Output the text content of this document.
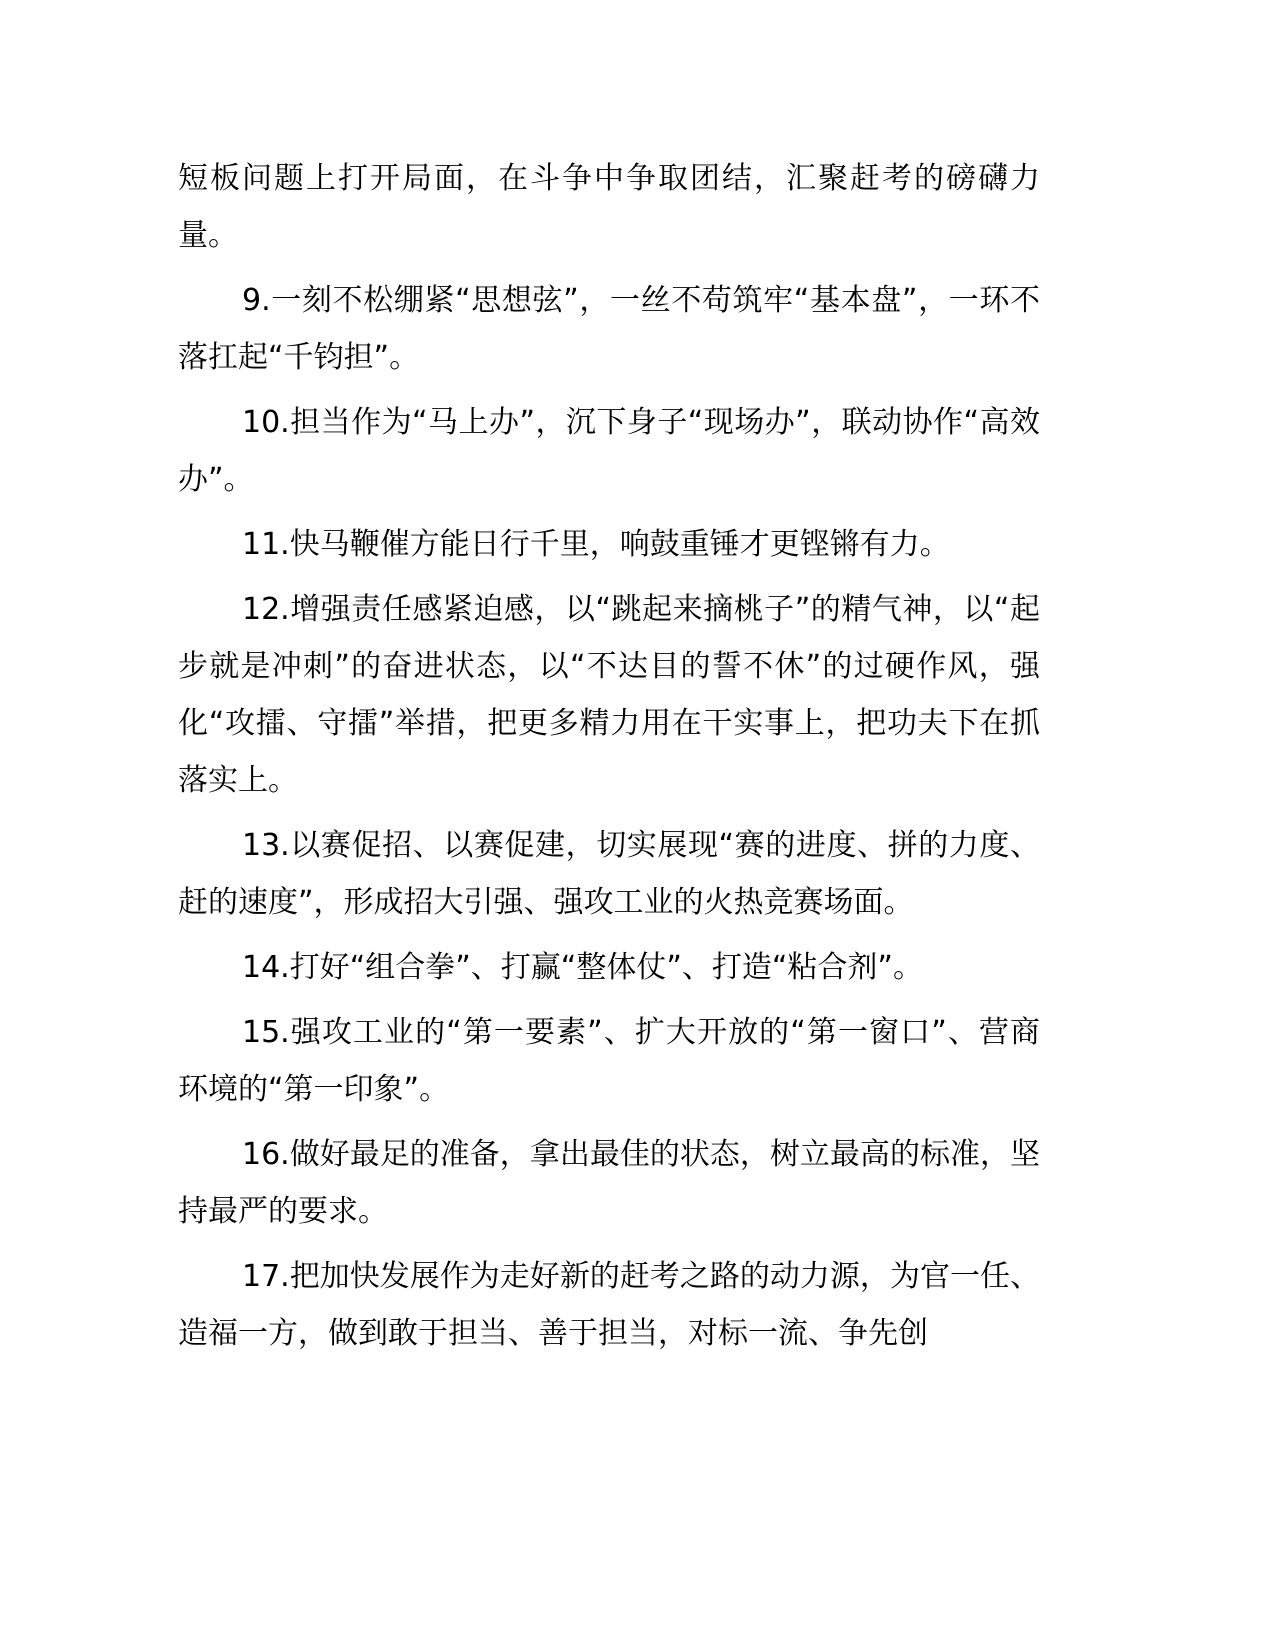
短板问题上打开局面，在斗争中争取团结，汇聚赶考的磅礴力量。

9.一刻不松绷紧“思想弦”，一丝不苟筑牢“基本盘”，一环不落扛起“千钧担”。

10.担当作为“马上办”，沉下身子“现场办”，联动协作“高效办”。

11.快马鞭催方能日行千里，响鼓重锤才更铿锵有力。

12.增强责任感紧迫感，以“跳起来摘桃子”的精气神，以“起步就是冲刺”的奋进状态，以“不达目的誓不休”的过硬作风，强化“攻擂、守擂”举措，把更多精力用在干实事上，把功夫下在抓落实上。

13.以赛促招、以赛促建，切实展现“赛的进度、拼的力度、赶的速度”，形成招大引强、强攻工业的火热竞赛场面。

14.打好“组合拳”、打赢“整体仗”、打造“粘合剂”。

15.强攻工业的“第一要素”、扩大开放的“第一窗口”、营商环境的“第一印象”。

16.做好最足的准备，拿出最佳的状态，树立最高的标准，坚持最严的要求。

17.把加快发展作为走好新的赶考之路的动力源，为官一任、造福一方，做到敢于担当、善于担当，对标一流、争先创
